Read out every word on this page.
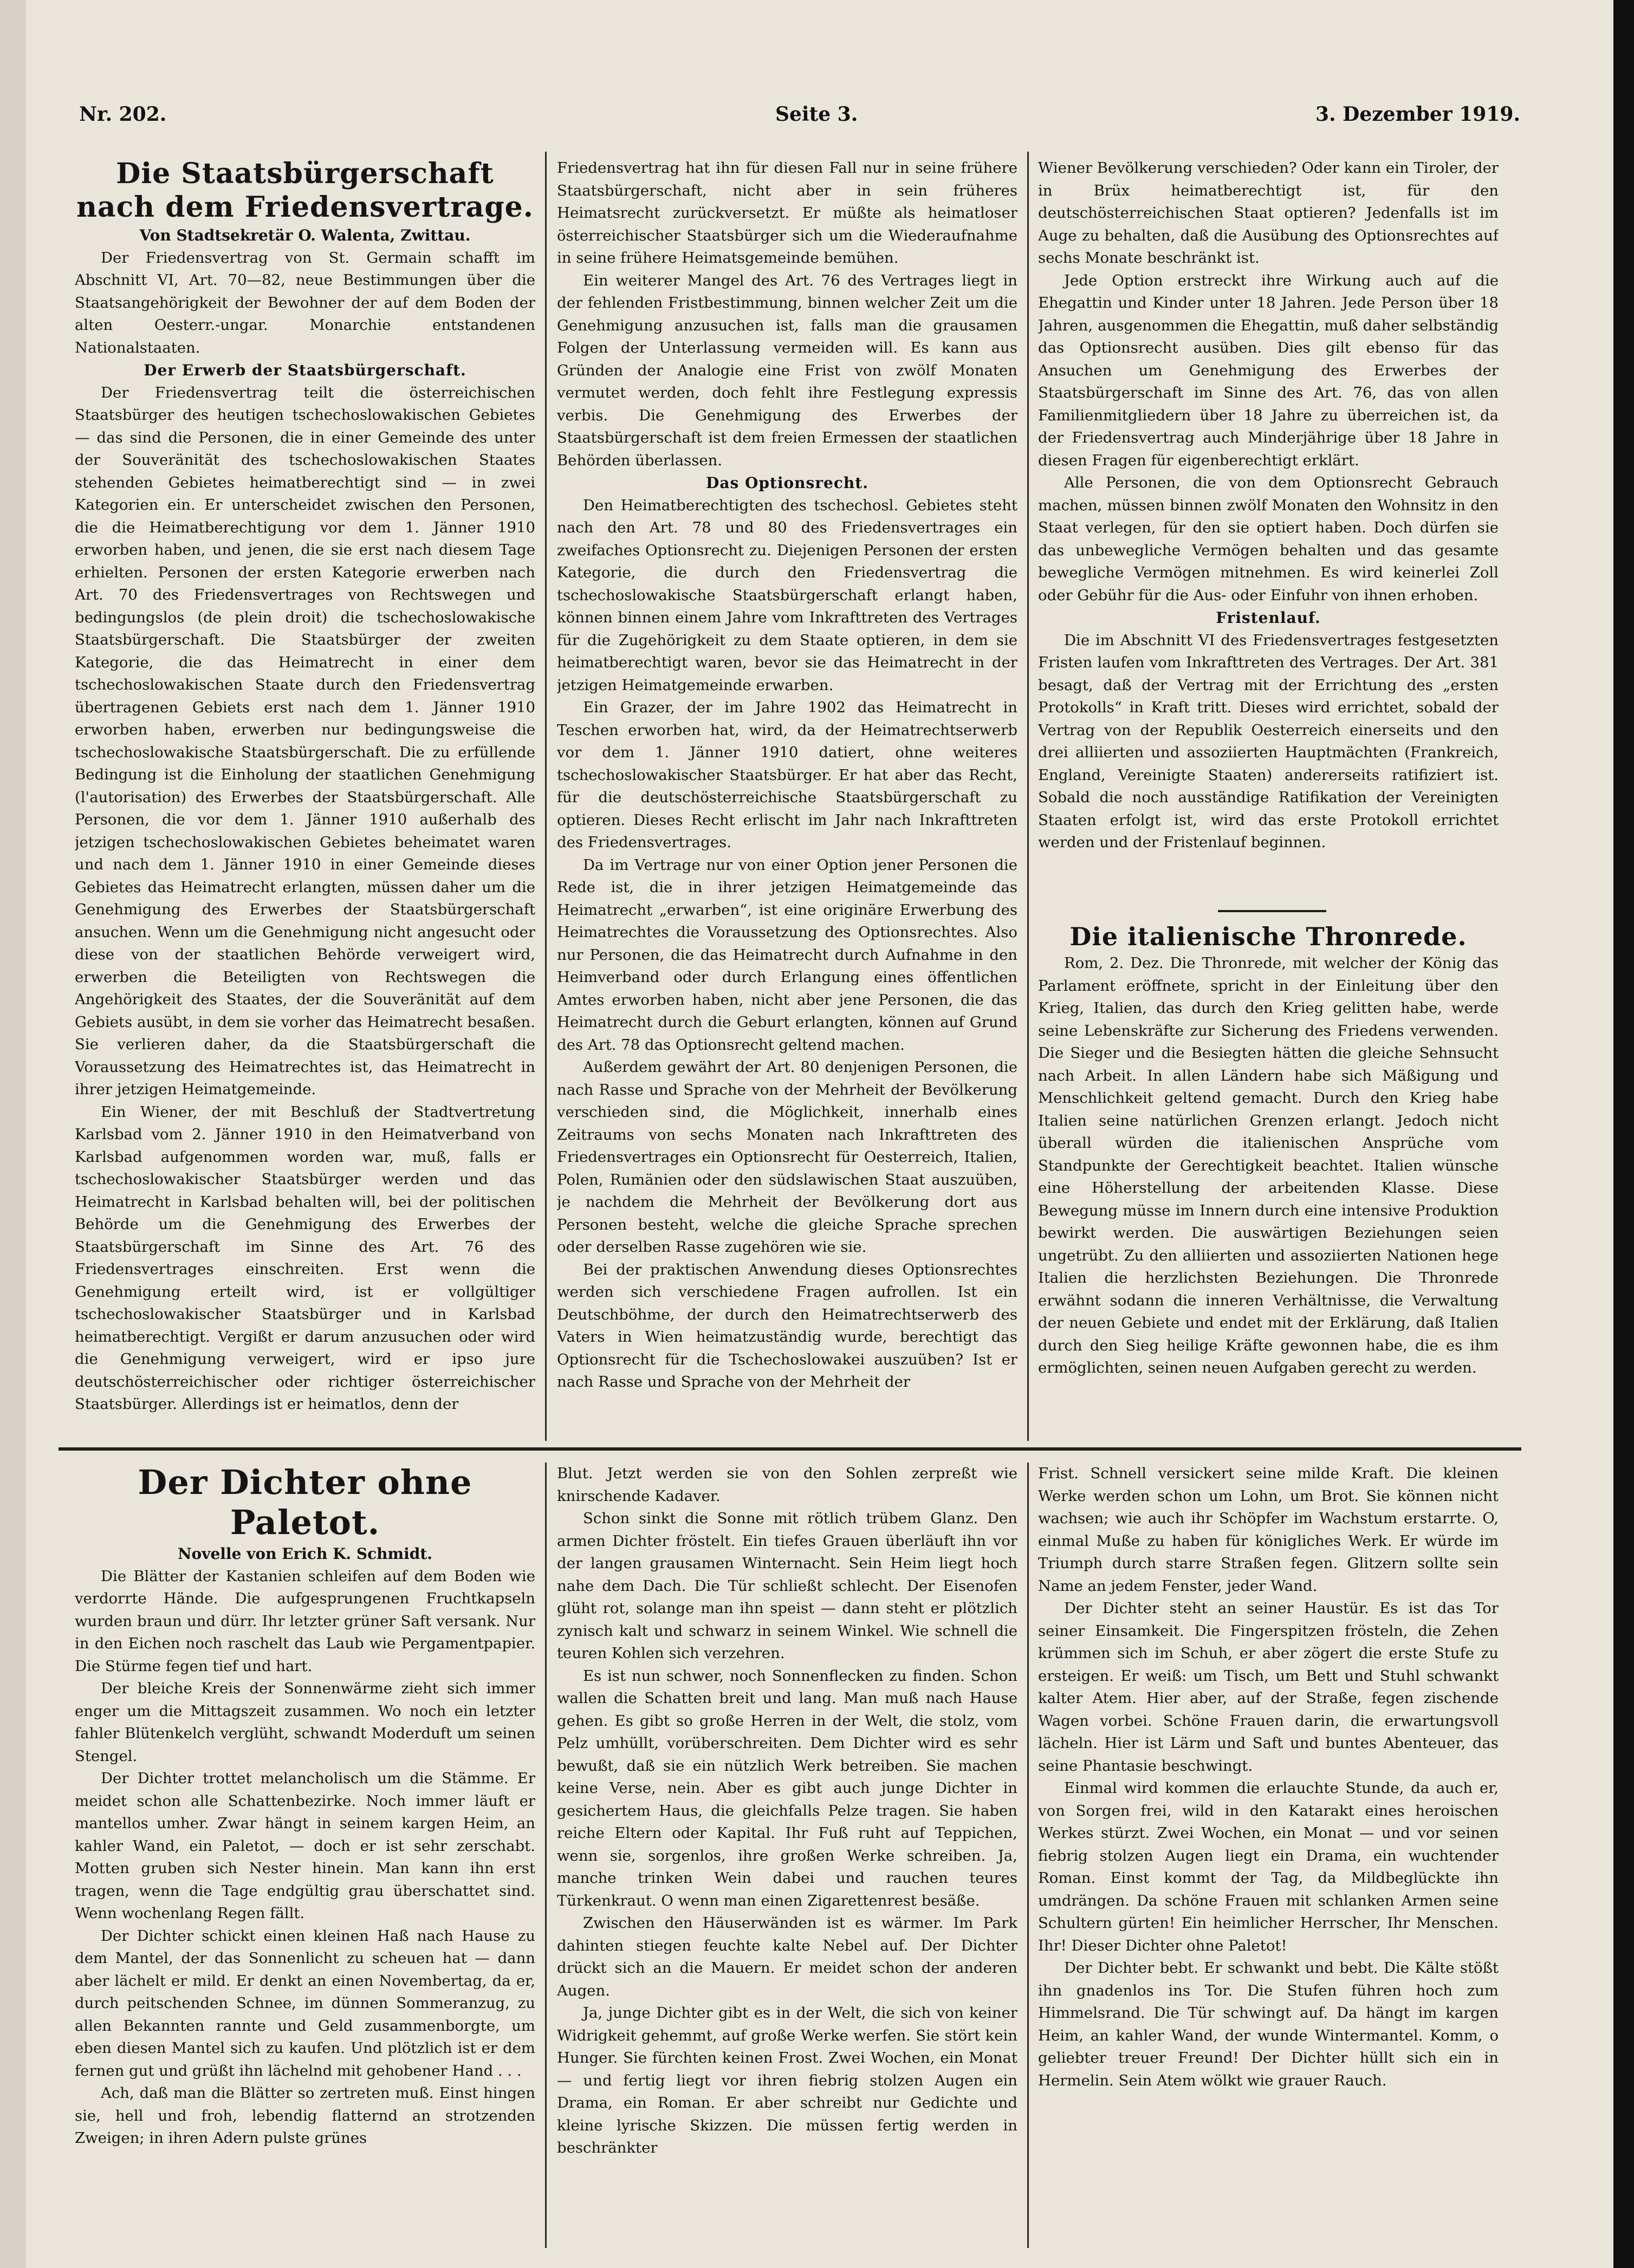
Nr. 202.	Seite 3.	3. Dezember 1919.

Die Staatsbürgerschaft

nach dem Friedensvertrage.

Von Stadtsekretär O. Walenta, Zwittau.

Der Friedensvertrag von St. Germain schafft im Abschnitt VI, Art. 70—82, neue Bestimmungen über die Staatsangehörigkeit der Bewohner der auf dem Boden der alten Oesterr.-ungar. Monarchie entstandenen Nationalstaaten.

Der Erwerb der Staatsbürgerschaft.

Der Friedensvertrag teilt die österreichischen Staatsbürger des heutigen tschechoslowakischen Gebietes — das sind die Personen, die in einer Gemeinde des unter der Souveränität des tschechoslowakischen Staates stehenden Gebietes heimatberechtigt sind — in zwei Kategorien ein. Er unterscheidet zwischen den Personen, die die Heimatberechtigung vor dem 1. Jänner 1910 erworben haben, und jenen, die sie erst nach diesem Tage erhielten. Personen der ersten Kategorie erwerben nach Art. 70 des Friedensvertrages von Rechtswegen und bedingungslos (de plein droit) die tschechoslowakische Staatsbürgerschaft. Die Staatsbürger der zweiten Kategorie, die das Heimatrecht in einer dem tschechoslowakischen Staate durch den Friedensvertrag übertragenen Gebiets erst nach dem 1. Jänner 1910 erworben haben, erwerben nur bedingungsweise die tschechoslowakische Staatsbürgerschaft. Die zu erfüllende Bedingung ist die Einholung der staatlichen Genehmigung (l'autorisation) des Erwerbes der Staatsbürgerschaft. Alle Personen, die vor dem 1. Jänner 1910 außerhalb des jetzigen tschechoslowakischen Gebietes beheimatet waren und nach dem 1. Jänner 1910 in einer Gemeinde dieses Gebietes das Heimatrecht erlangten, müssen daher um die Genehmigung des Erwerbes der Staatsbürgerschaft ansuchen. Wenn um die Genehmigung nicht angesucht oder diese von der staatlichen Behörde verweigert wird, erwerben die Beteiligten von Rechtswegen die Angehörigkeit des Staates, der die Souveränität auf dem Gebiets ausübt, in dem sie vorher das Heimatrecht besaßen. Sie verlieren daher, da die Staatsbürgerschaft die Voraussetzung des Heimatrechtes ist, das Heimatrecht in ihrer jetzigen Heimatgemeinde.

Ein Wiener, der mit Beschluß der Stadtvertretung Karlsbad vom 2. Jänner 1910 in den Heimatverband von Karlsbad aufgenommen worden war, muß, falls er tschechoslowakischer Staatsbürger werden und das Heimatrecht in Karlsbad behalten will, bei der politischen Behörde um die Genehmigung des Erwerbes der Staatsbürgerschaft im Sinne des Art. 76 des Friedensvertrages einschreiten. Erst wenn die Genehmigung erteilt wird, ist er vollgültiger tschechoslowakischer Staatsbürger und in Karlsbad heimatberechtigt. Vergißt er darum anzusuchen oder wird die Genehmigung verweigert, wird er ipso jure deutschösterreichischer oder richtiger österreichischer Staatsbürger. Allerdings ist er heimatlos, denn der

Friedensvertrag hat ihn für diesen Fall nur in seine frühere Staatsbürgerschaft, nicht aber in sein früheres Heimatsrecht zurückversetzt. Er müßte als heimatloser österreichischer Staatsbürger sich um die Wiederaufnahme in seine frühere Heimatsgemeinde bemühen.

Ein weiterer Mangel des Art. 76 des Vertrages liegt in der fehlenden Fristbestimmung, binnen welcher Zeit um die Genehmigung anzusuchen ist, falls man die grausamen Folgen der Unterlassung vermeiden will. Es kann aus Gründen der Analogie eine Frist von zwölf Monaten vermutet werden, doch fehlt ihre Festlegung expressis verbis. Die Genehmigung des Erwerbes der Staatsbürgerschaft ist dem freien Ermessen der staatlichen Behörden überlassen.

Das Optionsrecht.

Den Heimatberechtigten des tschechosl. Gebietes steht nach den Art. 78 und 80 des Friedensvertrages ein zweifaches Optionsrecht zu. Diejenigen Personen der ersten Kategorie, die durch den Friedensvertrag die tschechoslowakische Staatsbürgerschaft erlangt haben, können binnen einem Jahre vom Inkrafttreten des Vertrages für die Zugehörigkeit zu dem Staate optieren, in dem sie heimatberechtigt waren, bevor sie das Heimatrecht in der jetzigen Heimatgemeinde erwarben.

Ein Grazer, der im Jahre 1902 das Heimatrecht in Teschen erworben hat, wird, da der Heimatrechtserwerb vor dem 1. Jänner 1910 datiert, ohne weiteres tschechoslowakischer Staatsbürger. Er hat aber das Recht, für die deutschösterreichische Staatsbürgerschaft zu optieren. Dieses Recht erlischt im Jahr nach Inkrafttreten des Friedensvertrages.

Da im Vertrage nur von einer Option jener Personen die Rede ist, die in ihrer jetzigen Heimatgemeinde das Heimatrecht „erwarben“, ist eine originäre Erwerbung des Heimatrechtes die Voraussetzung des Optionsrechtes. Also nur Personen, die das Heimatrecht durch Aufnahme in den Heimverband oder durch Erlangung eines öffentlichen Amtes erworben haben, nicht aber jene Personen, die das Heimatrecht durch die Geburt erlangten, können auf Grund des Art. 78 das Optionsrecht geltend machen.

Außerdem gewährt der Art. 80 denjenigen Personen, die nach Rasse und Sprache von der Mehrheit der Bevölkerung verschieden sind, die Möglichkeit, innerhalb eines Zeitraums von sechs Monaten nach Inkrafttreten des Friedensvertrages ein Optionsrecht für Oesterreich, Italien, Polen, Rumänien oder den südslawischen Staat auszuüben, je nachdem die Mehrheit der Bevölkerung dort aus Personen besteht, welche die gleiche Sprache sprechen oder derselben Rasse zugehören wie sie.

Bei der praktischen Anwendung dieses Optionsrechtes werden sich verschiedene Fragen aufrollen. Ist ein Deutschböhme, der durch den Heimatrechtserwerb des Vaters in Wien heimatzuständig wurde, berechtigt das Optionsrecht für die Tschechoslowakei auszuüben? Ist er nach Rasse und Sprache von der Mehrheit der

Wiener Bevölkerung verschieden? Oder kann ein Tiroler, der in Brüx heimatberechtigt ist, für den deutschösterreichischen Staat optieren? Jedenfalls ist im Auge zu behalten, daß die Ausübung des Optionsrechtes auf sechs Monate beschränkt ist.

Jede Option erstreckt ihre Wirkung auch auf die Ehegattin und Kinder unter 18 Jahren. Jede Person über 18 Jahren, ausgenommen die Ehegattin, muß daher selbständig das Optionsrecht ausüben. Dies gilt ebenso für das Ansuchen um Genehmigung des Erwerbes der Staatsbürgerschaft im Sinne des Art. 76, das von allen Familienmitgliedern über 18 Jahre zu überreichen ist, da der Friedensvertrag auch Minderjährige über 18 Jahre in diesen Fragen für eigenberechtigt erklärt.

Alle Personen, die von dem Optionsrecht Gebrauch machen, müssen binnen zwölf Monaten den Wohnsitz in den Staat verlegen, für den sie optiert haben. Doch dürfen sie das unbewegliche Vermögen behalten und das gesamte bewegliche Vermögen mitnehmen. Es wird keinerlei Zoll oder Gebühr für die Aus- oder Einfuhr von ihnen erhoben.

Fristenlauf.

Die im Abschnitt VI des Friedensvertrages festgesetzten Fristen laufen vom Inkrafttreten des Vertrages. Der Art. 381 besagt, daß der Vertrag mit der Errichtung des „ersten Protokolls“ in Kraft tritt. Dieses wird errichtet, sobald der Vertrag von der Republik Oesterreich einerseits und den drei alliierten und assoziierten Hauptmächten (Frankreich, England, Vereinigte Staaten) andererseits ratifiziert ist. Sobald die noch ausständige Ratifikation der Vereinigten Staaten erfolgt ist, wird das erste Protokoll errichtet werden und der Fristenlauf beginnen.

Die italienische Thronrede.

Rom, 2. Dez. Die Thronrede, mit welcher der König das Parlament eröffnete, spricht in der Einleitung über den Krieg, Italien, das durch den Krieg gelitten habe, werde seine Lebenskräfte zur Sicherung des Friedens verwenden. Die Sieger und die Besiegten hätten die gleiche Sehnsucht nach Arbeit. In allen Ländern habe sich Mäßigung und Menschlichkeit geltend gemacht. Durch den Krieg habe Italien seine natürlichen Grenzen erlangt. Jedoch nicht überall würden die italienischen Ansprüche vom Standpunkte der Gerechtigkeit beachtet. Italien wünsche eine Höherstellung der arbeitenden Klasse. Diese Bewegung müsse im Innern durch eine intensive Produktion bewirkt werden. Die auswärtigen Beziehungen seien ungetrübt. Zu den alliierten und assoziierten Nationen hege Italien die herzlichsten Beziehungen. Die Thronrede erwähnt sodann die inneren Verhältnisse, die Verwaltung der neuen Gebiete und endet mit der Erklärung, daß Italien durch den Sieg heilige Kräfte gewonnen habe, die es ihm ermöglichten, seinen neuen Aufgaben gerecht zu werden.

Der Dichter ohne Paletot.

Novelle von Erich K. Schmidt.

Die Blätter der Kastanien schleifen auf dem Boden wie verdorrte Hände. Die aufgesprungenen Fruchtkapseln wurden braun und dürr. Ihr letzter grüner Saft versank. Nur in den Eichen noch raschelt das Laub wie Pergamentpapier. Die Stürme fegen tief und hart.

Der bleiche Kreis der Sonnenwärme zieht sich immer enger um die Mittagszeit zusammen. Wo noch ein letzter fahler Blütenkelch verglüht, schwandt Moderduft um seinen Stengel.

Der Dichter trottet melancholisch um die Stämme. Er meidet schon alle Schattenbezirke. Noch immer läuft er mantellos umher. Zwar hängt in seinem kargen Heim, an kahler Wand, ein Paletot, — doch er ist sehr zerschabt. Motten gruben sich Nester hinein. Man kann ihn erst tragen, wenn die Tage endgültig grau überschattet sind. Wenn wochenlang Regen fällt.

Der Dichter schickt einen kleinen Haß nach Hause zu dem Mantel, der das Sonnenlicht zu scheuen hat — dann aber lächelt er mild. Er denkt an einen Novembertag, da er, durch peitschenden Schnee, im dünnen Sommeranzug, zu allen Bekannten rannte und Geld zusammenborgte, um eben diesen Mantel sich zu kaufen. Und plötzlich ist er dem fernen gut und grüßt ihn lächelnd mit gehobener Hand . . .

Ach, daß man die Blätter so zertreten muß. Einst hingen sie, hell und froh, lebendig flatternd an strotzenden Zweigen; in ihren Adern pulste grünes

Blut. Jetzt werden sie von den Sohlen zerpreßt wie knirschende Kadaver.

Schon sinkt die Sonne mit rötlich trübem Glanz. Den armen Dichter fröstelt. Ein tiefes Grauen überläuft ihn vor der langen grausamen Winternacht. Sein Heim liegt hoch nahe dem Dach. Die Tür schließt schlecht. Der Eisenofen glüht rot, solange man ihn speist — dann steht er plötzlich zynisch kalt und schwarz in seinem Winkel. Wie schnell die teuren Kohlen sich verzehren.

Es ist nun schwer, noch Sonnenflecken zu finden. Schon wallen die Schatten breit und lang. Man muß nach Hause gehen. Es gibt so große Herren in der Welt, die stolz, vom Pelz umhüllt, vorüberschreiten. Dem Dichter wird es sehr bewußt, daß sie ein nützlich Werk betreiben. Sie machen keine Verse, nein. Aber es gibt auch junge Dichter in gesichertem Haus, die gleichfalls Pelze tragen. Sie haben reiche Eltern oder Kapital. Ihr Fuß ruht auf Teppichen, wenn sie, sorgenlos, ihre großen Werke schreiben. Ja, manche trinken Wein dabei und rauchen teures Türkenkraut. O wenn man einen Zigarettenrest besäße.

Zwischen den Häuserwänden ist es wärmer. Im Park dahinten stiegen feuchte kalte Nebel auf. Der Dichter drückt sich an die Mauern. Er meidet schon der anderen Augen.

Ja, junge Dichter gibt es in der Welt, die sich von keiner Widrigkeit gehemmt, auf große Werke werfen. Sie stört kein Hunger. Sie fürchten keinen Frost. Zwei Wochen, ein Monat — und fertig liegt vor ihren fiebrig stolzen Augen ein Drama, ein Roman. Er aber schreibt nur Gedichte und kleine lyrische Skizzen. Die müssen fertig werden in beschränkter

Frist. Schnell versickert seine milde Kraft. Die kleinen Werke werden schon um Lohn, um Brot. Sie können nicht wachsen; wie auch ihr Schöpfer im Wachstum erstarrte. O, einmal Muße zu haben für königliches Werk. Er würde im Triumph durch starre Straßen fegen. Glitzern sollte sein Name an jedem Fenster, jeder Wand.

Der Dichter steht an seiner Haustür. Es ist das Tor seiner Einsamkeit. Die Fingerspitzen frösteln, die Zehen krümmen sich im Schuh, er aber zögert die erste Stufe zu ersteigen. Er weiß: um Tisch, um Bett und Stuhl schwankt kalter Atem. Hier aber, auf der Straße, fegen zischende Wagen vorbei. Schöne Frauen darin, die erwartungsvoll lächeln. Hier ist Lärm und Saft und buntes Abenteuer, das seine Phantasie beschwingt.

Einmal wird kommen die erlauchte Stunde, da auch er, von Sorgen frei, wild in den Katarakt eines heroischen Werkes stürzt. Zwei Wochen, ein Monat — und vor seinen fiebrig stolzen Augen liegt ein Drama, ein wuchtender Roman. Einst kommt der Tag, da Mildbeglückte ihn umdrängen. Da schöne Frauen mit schlanken Armen seine Schultern gürten! Ein heimlicher Herrscher, Ihr Menschen. Ihr! Dieser Dichter ohne Paletot!

Der Dichter bebt. Er schwankt und bebt. Die Kälte stößt ihn gnadenlos ins Tor. Die Stufen führen hoch zum Himmelsrand. Die Tür schwingt auf. Da hängt im kargen Heim, an kahler Wand, der wunde Wintermantel. Komm, o geliebter treuer Freund! Der Dichter hüllt sich ein in Hermelin. Sein Atem wölkt wie grauer Rauch.
